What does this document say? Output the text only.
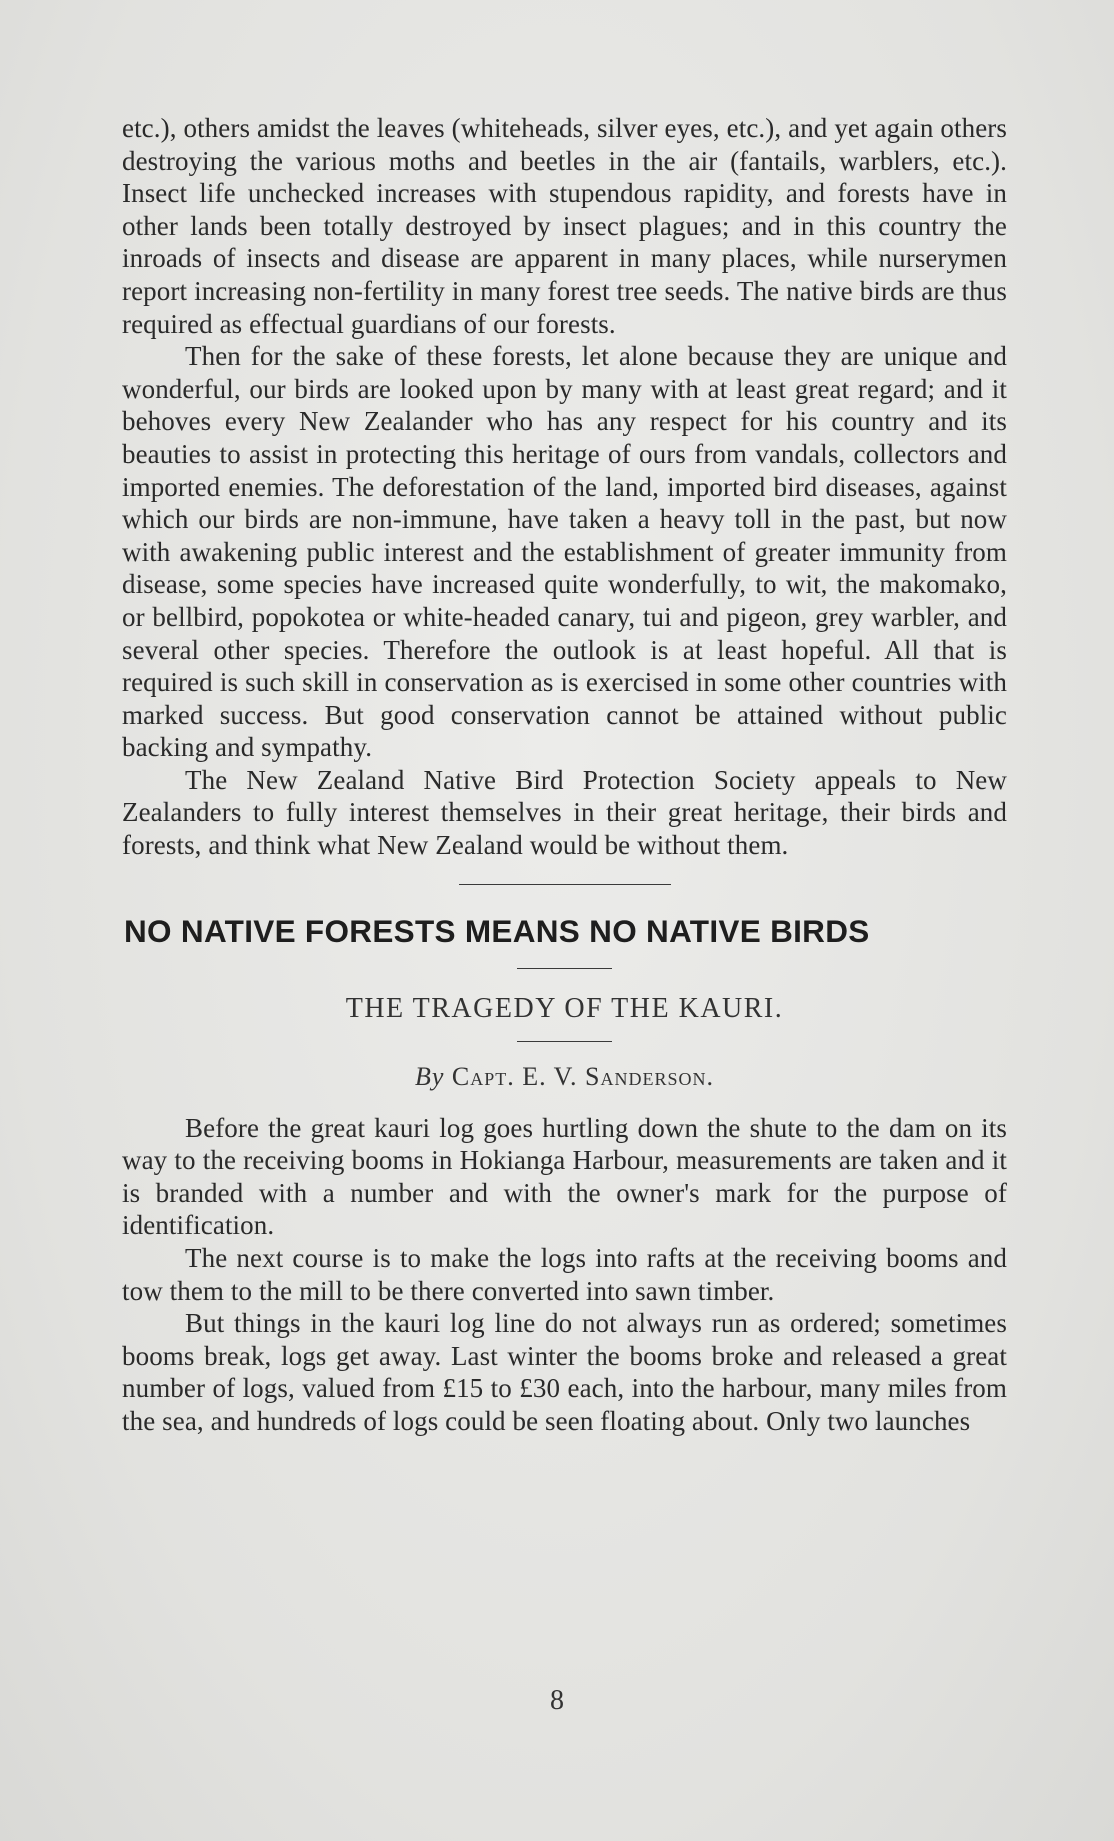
etc.), others amidst the leaves (whiteheads, silver eyes, etc.), and yet again others destroying the various moths and beetles in the air (fantails, warblers, etc.). Insect life unchecked increases with stupendous rapidity, and forests have in other lands been totally destroyed by insect plagues; and in this country the inroads of insects and disease are apparent in many places, while nurserymen report increasing non-fertility in many forest tree seeds. The native birds are thus required as effectual guardians of our forests.

Then for the sake of these forests, let alone because they are unique and wonderful, our birds are looked upon by many with at least great regard; and it behoves every New Zealander who has any respect for his country and its beauties to assist in protecting this heritage of ours from vandals, collectors and imported enemies. The deforestation of the land, imported bird diseases, against which our birds are non-immune, have taken a heavy toll in the past, but now with awakening public interest and the establishment of greater immunity from disease, some species have increased quite wonderfully, to wit, the makomako, or bellbird, popokotea or white-headed canary, tui and pigeon, grey warbler, and several other species. Therefore the outlook is at least hopeful. All that is required is such skill in conservation as is exercised in some other countries with marked success. But good conservation cannot be attained without public backing and sympathy.

The New Zealand Native Bird Protection Society appeals to New Zealanders to fully interest themselves in their great heritage, their birds and forests, and think what New Zealand would be without them.

NO NATIVE FORESTS MEANS NO NATIVE BIRDS
THE TRAGEDY OF THE KAURI.
By Capt. E. V. Sanderson.

Before the great kauri log goes hurtling down the shute to the dam on its way to the receiving booms in Hokianga Harbour, measurements are taken and it is branded with a number and with the owner's mark for the purpose of identification.

The next course is to make the logs into rafts at the receiving booms and tow them to the mill to be there converted into sawn timber.

But things in the kauri log line do not always run as ordered; sometimes booms break, logs get away. Last winter the booms broke and released a great number of logs, valued from £15 to £30 each, into the harbour, many miles from the sea, and hundreds of logs could be seen floating about. Only two launches

8
